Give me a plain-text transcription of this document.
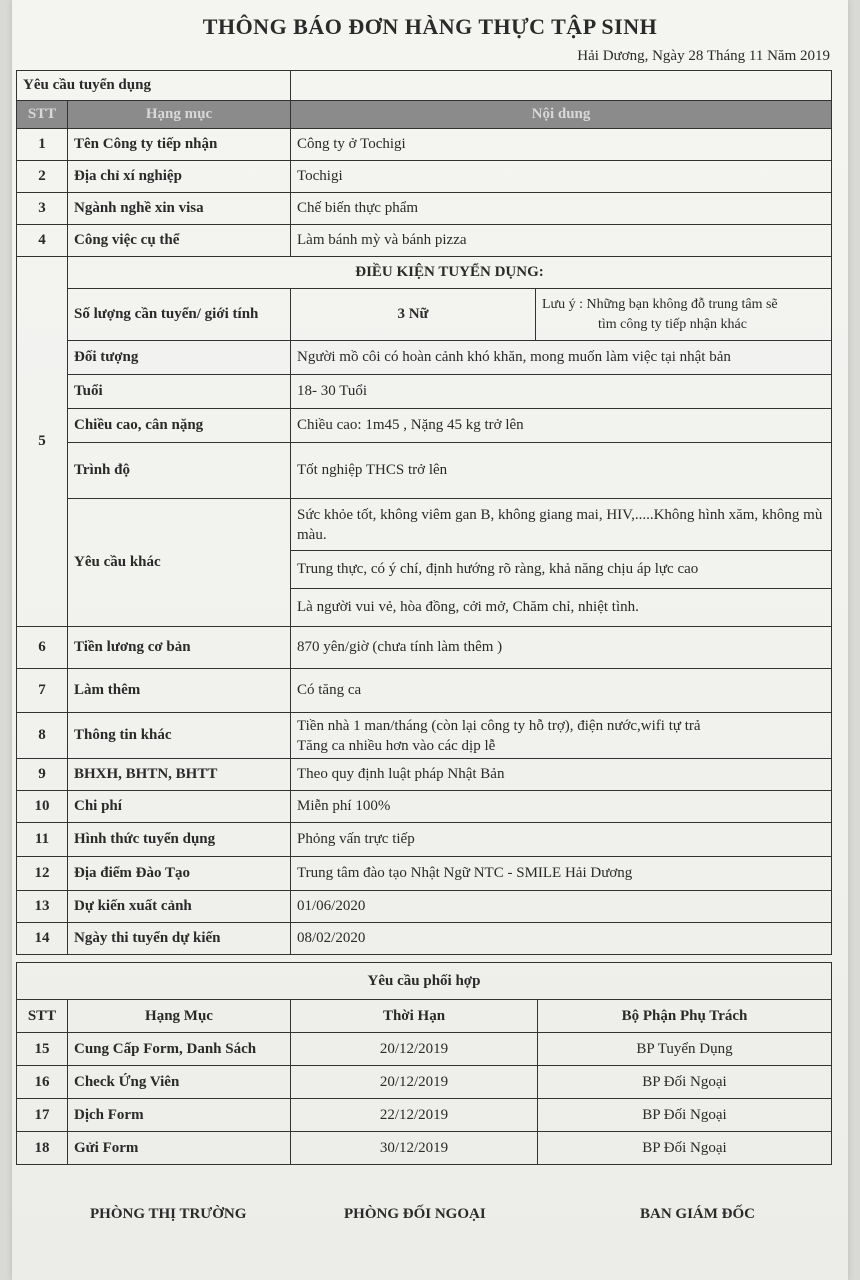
THÔNG BÁO ĐƠN HÀNG THỰC TẬP SINH
Hải Dương, Ngày 28 Tháng 11 Năm 2019
Yêu cầu tuyển dụng			
STT	Hạng mục	Nội dung	
1	Tên Công ty tiếp nhận	Công ty ở Tochigi	
2	Địa chỉ xí nghiệp	Tochigi	
3	Ngành nghề xin visa	Chế biến thực phẩm	
4	Công việc cụ thể	Làm bánh mỳ và bánh pizza	
5	ĐIỀU KIỆN TUYỂN DỤNG:		
	Số lượng cần tuyển/ giới tính	3 Nữ	Lưu ý : Những bạn không đỗ trung tâm sẽ
tìm công ty tiếp nhận khác

	Đối tượng	Người mồ côi có hoàn cảnh khó khăn, mong muốn làm việc tại nhật bản	
	Tuổi	18- 30 Tuổi	
	Chiều cao, cân nặng	Chiều cao: 1m45 , Nặng 45 kg trở lên	
	Trình độ	Tốt nghiệp THCS trở lên	
	Yêu cầu khác	Sức khỏe tốt, không viêm gan B, không giang mai, HIV,.....Không hình xăm, không mù màu.	
		Trung thực, có ý chí, định hướng rõ ràng, khả năng chịu áp lực cao	
		Là người vui vẻ, hòa đồng, cởi mở, Chăm chỉ, nhiệt tình.	
6	Tiền lương cơ bản	870 yên/giờ (chưa tính làm thêm )	
7	Làm thêm	Có tăng ca	
8	Thông tin khác	Tiền nhà 1 man/tháng (còn lại công ty hỗ trợ), điện nước,wifi tự trả
Tăng ca nhiều hơn vào các dịp lễ	

9	BHXH, BHTN, BHTT	Theo quy định luật pháp Nhật Bản	
10	Chi phí	Miễn phí 100%	
11	Hình thức tuyển dụng	Phỏng vấn trực tiếp	
12	Địa điểm Đào Tạo	Trung tâm đào tạo Nhật Ngữ NTC - SMILE Hải Dương	
13	Dự kiến xuất cảnh	01/06/2020	
14	Ngày thi tuyển dự kiến	08/02/2020	
Yêu cầu phối hợp			
STT	Hạng Mục	Thời Hạn	Bộ Phận Phụ Trách
15	Cung Cấp Form, Danh Sách	20/12/2019	BP Tuyển Dụng
16	Check Ứng Viên	20/12/2019	BP Đối Ngoại
17	Dịch Form	22/12/2019	BP Đối Ngoại
18	Gửi Form	30/12/2019	BP Đối Ngoại
PHÒNG THỊ TRƯỜNG	PHÒNG ĐỐI NGOẠI	BAN GIÁM ĐỐC
